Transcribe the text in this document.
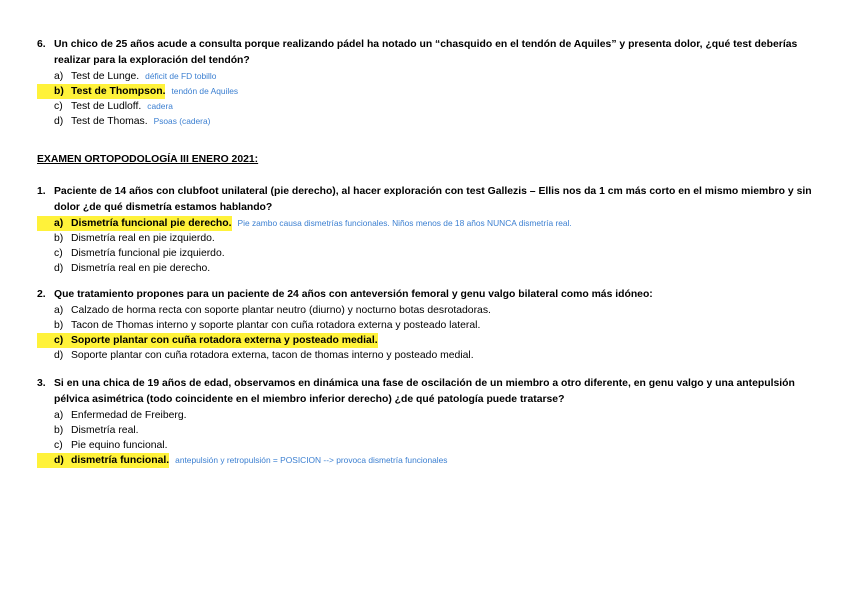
6. Un chico de 25 años acude a consulta porque realizando pádel ha notado un “chasquido en el tendón de Aquiles” y presenta dolor, ¿qué test deberías realizar para la exploración del tendón?
a) Test de Lunge. déficit de FD tobillo
b) Test de Thompson. tendón de Aquiles
c) Test de Ludloff. cadera
d) Test de Thomas. Psoas (cadera)
EXAMEN ORTOPODOLOGÍA III ENERO 2021:
1. Paciente de 14 años con clubfoot unilateral (pie derecho), al hacer exploración con test Gallezis – Ellis nos da 1 cm más corto en el mismo miembro y sin dolor ¿de qué dismetría estamos hablando?
a) Dismetría funcional pie derecho. Pie zambo causa dismetrías funcionales. Niños menos de 18 años NUNCA dismetría real.
b) Dismetría real en pie izquierdo.
c) Dismetría funcional pie izquierdo.
d) Dismetría real en pie derecho.
2. Que tratamiento propones para un paciente de 24 años con anteversión femoral y genu valgo bilateral como más idóneo:
a) Calzado de horma recta con soporte plantar neutro (diurno) y nocturno botas desrotadoras.
b) Tacon de Thomas interno y soporte plantar con cuña rotadora externa y posteado lateral.
c) Soporte plantar con cuña rotadora externa y posteado medial.
d) Soporte plantar con cuña rotadora externa, tacon de thomas interno y posteado medial.
3. Si en una chica de 19 años de edad, observamos en dinámica una fase de oscilación de un miembro a otro diferente, en genu valgo y una antepulsión pélvica asimétrica (todo coincidente en el miembro inferior derecho) ¿de qué patología puede tratarse?
a) Enfermedad de Freiberg.
b) Dismetría real.
c) Pie equino funcional.
d) dismetría funcional. antepulsión y retropulsión = POSICION --> provoca dismetría funcionales
